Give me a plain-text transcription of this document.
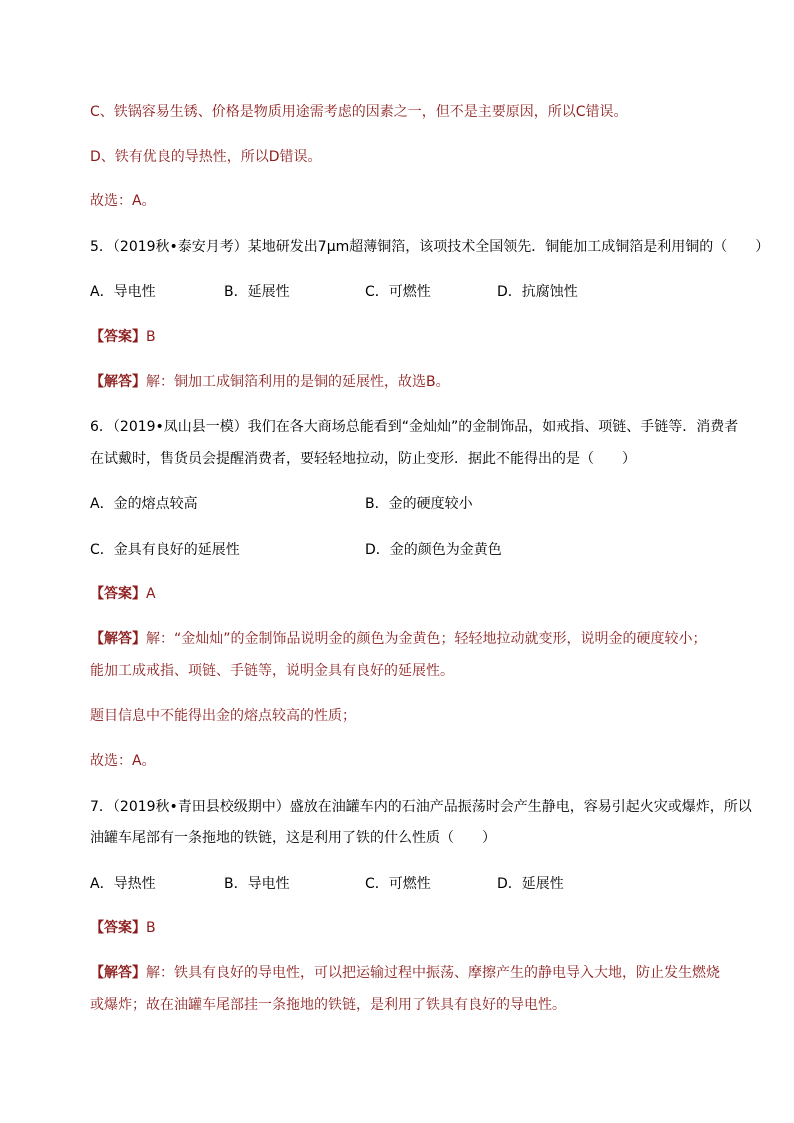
C、铁锅容易生锈、价格是物质用途需考虑的因素之一，但不是主要原因，所以C错误。
D、铁有优良的导热性，所以D错误。
故选：A。
5．（2019秋•泰安月考）某地研发出7μm超薄铜箔，该项技术全国领先．铜能加工成铜箔是利用铜的（　　）
A．导电性	B．延展性	C．可燃性	D．抗腐蚀性
【答案】B
【解答】解：铜加工成铜箔利用的是铜的延展性，故选B。
6．（2019•凤山县一模）我们在各大商场总能看到“金灿灿”的金制饰品，如戒指、项链、手链等．消费者
在试戴时，售货员会提醒消费者，要轻轻地拉动，防止变形．据此不能得出的是（　　）
A．金的熔点较高	B．金的硬度较小
C．金具有良好的延展性	D．金的颜色为金黄色
【答案】A
【解答】解：“金灿灿”的金制饰品说明金的颜色为金黄色；轻轻地拉动就变形，说明金的硬度较小；
能加工成戒指、项链、手链等，说明金具有良好的延展性。
题目信息中不能得出金的熔点较高的性质；
故选：A。
7．（2019秋•青田县校级期中）盛放在油罐车内的石油产品振荡时会产生静电，容易引起火灾或爆炸，所以
油罐车尾部有一条拖地的铁链，这是利用了铁的什么性质（　　）
A．导热性	B．导电性	C．可燃性	D．延展性
【答案】B
【解答】解：铁具有良好的导电性，可以把运输过程中振荡、摩擦产生的静电导入大地，防止发生燃烧
或爆炸；故在油罐车尾部挂一条拖地的铁链，是利用了铁具有良好的导电性。
